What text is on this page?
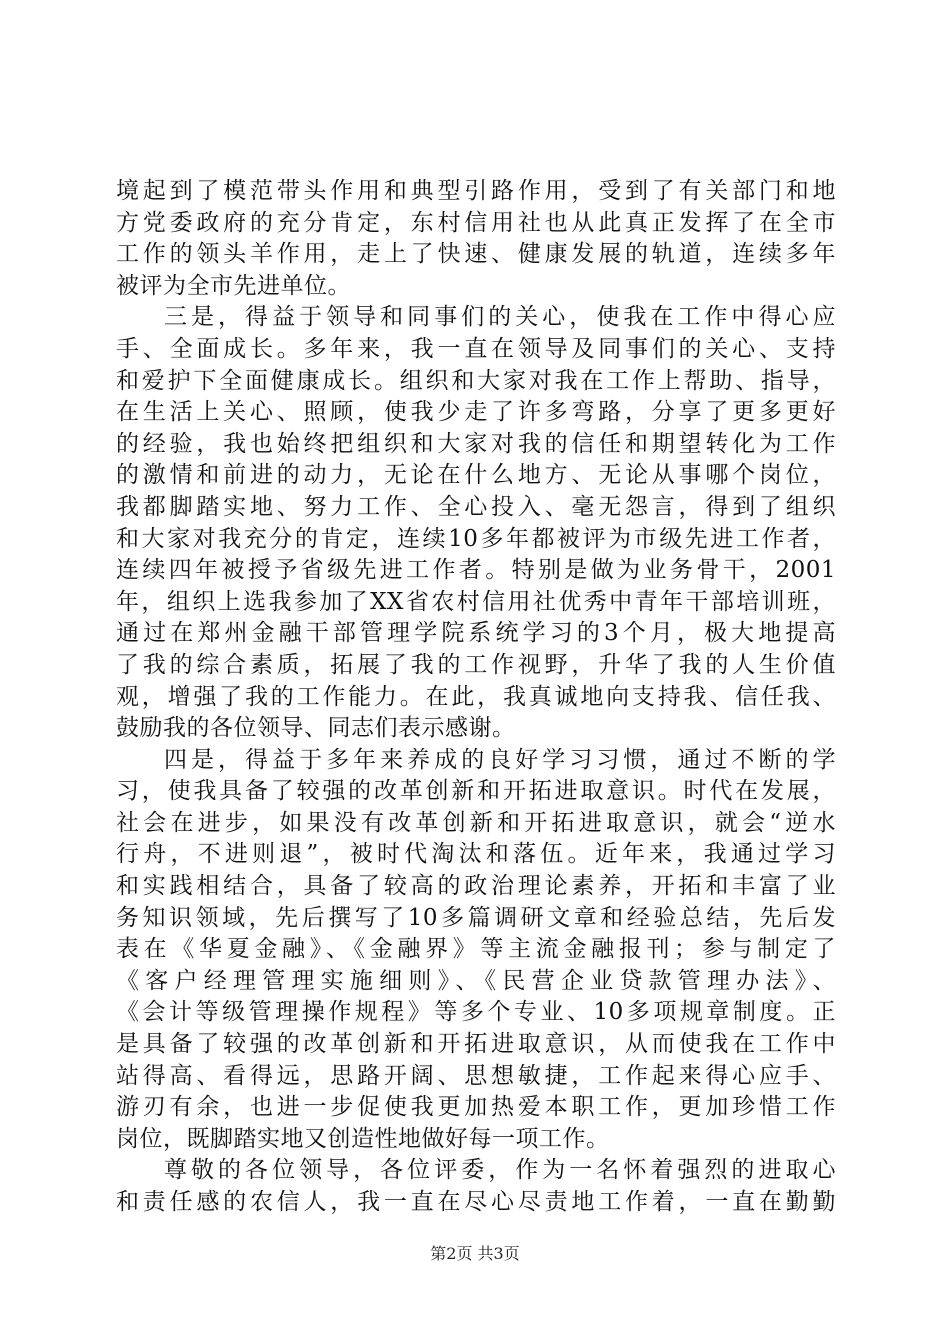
境起到了模范带头作用和典型引路作用，受到了有关部门和地
方党委政府的充分肯定，东村信用社也从此真正发挥了在全市
工作的领头羊作用，走上了快速、健康发展的轨道，连续多年
被评为全市先进单位。
三是，得益于领导和同事们的关心，使我在工作中得心应
手、全面成长。多年来，我一直在领导及同事们的关心、支持
和爱护下全面健康成长。组织和大家对我在工作上帮助、指导，
在生活上关心、照顾，使我少走了许多弯路，分享了更多更好
的经验，我也始终把组织和大家对我的信任和期望转化为工作
的激情和前进的动力，无论在什么地方、无论从事哪个岗位，
我都脚踏实地、努力工作、全心投入、毫无怨言，得到了组织
和大家对我充分的肯定，连续10多年都被评为市级先进工作者，
连续四年被授予省级先进工作者。特别是做为业务骨干，2001
年，组织上选我参加了XX省农村信用社优秀中青年干部培训班，
通过在郑州金融干部管理学院系统学习的3个月，极大地提高
了我的综合素质，拓展了我的工作视野，升华了我的人生价值
观，增强了我的工作能力。在此，我真诚地向支持我、信任我、
鼓励我的各位领导、同志们表示感谢。
四是，得益于多年来养成的良好学习习惯，通过不断的学
习，使我具备了较强的改革创新和开拓进取意识。时代在发展，
社会在进步，如果没有改革创新和开拓进取意识，就会“逆水
行舟，不进则退”，被时代淘汰和落伍。近年来，我通过学习
和实践相结合，具备了较高的政治理论素养，开拓和丰富了业
务知识领域，先后撰写了10多篇调研文章和经验总结，先后发
表在《华夏金融》、《金融界》等主流金融报刊；参与制定了
《客户经理管理实施细则》、《民营企业贷款管理办法》、
《会计等级管理操作规程》等多个专业、10多项规章制度。正
是具备了较强的改革创新和开拓进取意识，从而使我在工作中
站得高、看得远，思路开阔、思想敏捷，工作起来得心应手、
游刃有余，也进一步促使我更加热爱本职工作，更加珍惜工作
岗位，既脚踏实地又创造性地做好每一项工作。
尊敬的各位领导，各位评委，作为一名怀着强烈的进取心
和责任感的农信人，我一直在尽心尽责地工作着，一直在勤勤
第2页 共3页
